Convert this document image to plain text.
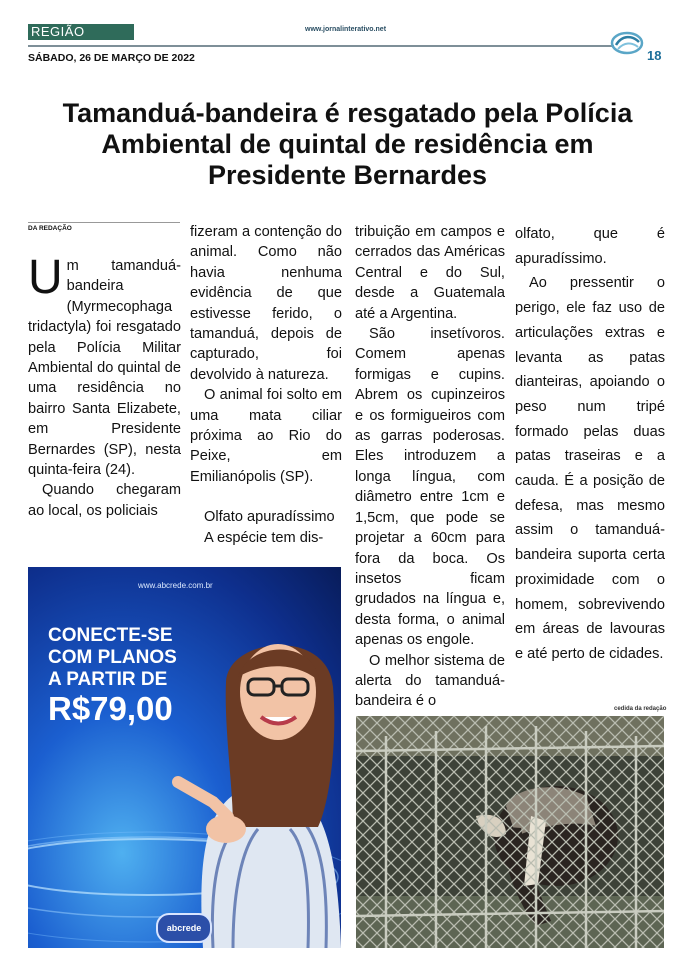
REGIÃO	www.jornalinterativo.net
SÁBADO, 26 DE MARÇO DE 2022	18
Tamanduá-bandeira é resgatado pela Polícia Ambiental de quintal de residência em Presidente Bernardes
DA REDAÇÃO

Um tamanduá-bandeira (Myrmecophaga tridactyla) foi resgatado pela Polícia Militar Ambiental do quintal de uma residência no bairro Santa Elizabete, em Presidente Bernardes (SP), nesta quinta-feira (24).

Quando chegaram ao local, os policiais

fizeram a contenção do animal. Como não havia nenhuma evidência de que estivesse ferido, o tamanduá, depois de capturado, foi devolvido à natureza.

O animal foi solto em uma mata ciliar próxima ao Rio do Peixe, em Emilianópolis (SP).

Olfato apuradíssimo

A espécie tem dis-

tribuição em campos e cerrados das Américas Central e do Sul, desde a Guatemala até a Argentina.

São insetívoros. Comem apenas formigas e cupins. Abrem os cupinzeiros e os formigueiros com as garras poderosas. Eles introduzem a longa língua, com diâmetro entre 1cm e 1,5cm, que pode se projetar a 60cm para fora da boca. Os insetos ficam grudados na língua e, desta forma, o animal apenas os engole.

O melhor sistema de alerta do tamanduá-bandeira é o

olfato, que é apuradíssimo.

Ao pressentir o perigo, ele faz uso de articulações extras e levanta as patas dianteiras, apoiando o peso num tripé formado pelas duas patas traseiras e a cauda. É a posição de defesa, mas mesmo assim o tamanduá-bandeira suporta certa proximidade com o homem, sobrevivendo em áreas de lavouras e até perto de cidades.

www.abcrede.com.br
CONECTE-SE
COM PLANOS
A PARTIR DE
R$79,00
abcrede
cedida da redação
